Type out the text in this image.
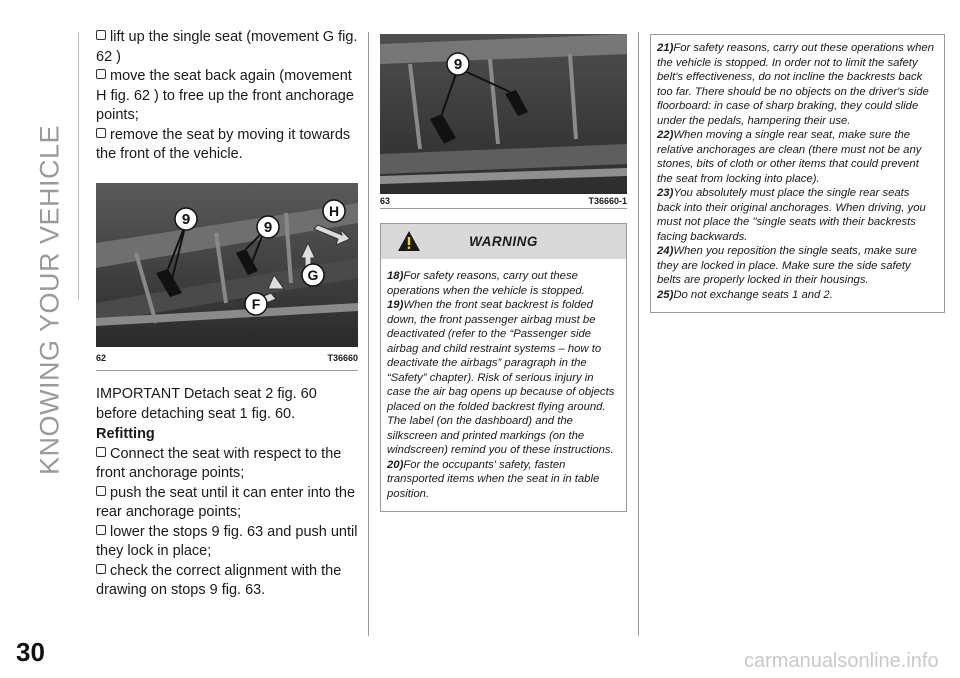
KNOWING YOUR VEHICLE
30	carmanualsonline.info

lift up the single seat (movement G fig. 62 )

move the seat back again (movement H fig. 62 ) to free up the front anchorage points;

remove the seat by moving it towards the front of the vehicle.

9	9
H
G
F
62	T36660

IMPORTANT Detach seat 2 fig. 60 before detaching seat 1 fig. 60.

Refitting

Connect the seat with respect to the front anchorage points;

push the seat until it can enter into the rear anchorage points;

lower the stops 9 fig. 63 and push until they lock in place;

check the correct alignment with the drawing on stops 9 fig. 63.

9
63	T36660-1
WARNING

18)For safety reasons, carry out these operations when the vehicle is stopped.

19)When the front seat backrest is folded down, the front passenger airbag must be deactivated (refer to the “Passenger side airbag and child restraint systems – how to deactivate the airbags” paragraph in the “Safety” chapter). Risk of serious injury in case the air bag opens up because of objects placed on the folded backrest flying around. The label (on the dashboard) and the silkscreen and printed markings (on the windscreen) remind you of these instructions.

20)For the occupants' safety, fasten transported items when the seat in in table position.

21)For safety reasons, carry out these operations when the vehicle is stopped. In order not to limit the safety belt's effectiveness, do not incline the backrests back too far. There should be no objects on the driver's side floorboard: in case of sharp braking, they could slide under the pedals, hampering their use.

22)When moving a single rear seat, make sure the relative anchorages are clean (there must not be any stones, bits of cloth or other items that could prevent the seat from locking into place).

23)You absolutely must place the single rear seats back into their original anchorages. When driving, you must not place the "single seats with their backrests facing backwards.

24)When you reposition the single seats, make sure they are locked in place. Make sure the side safety belts are properly locked in their housings.

25)Do not exchange seats 1 and 2.
